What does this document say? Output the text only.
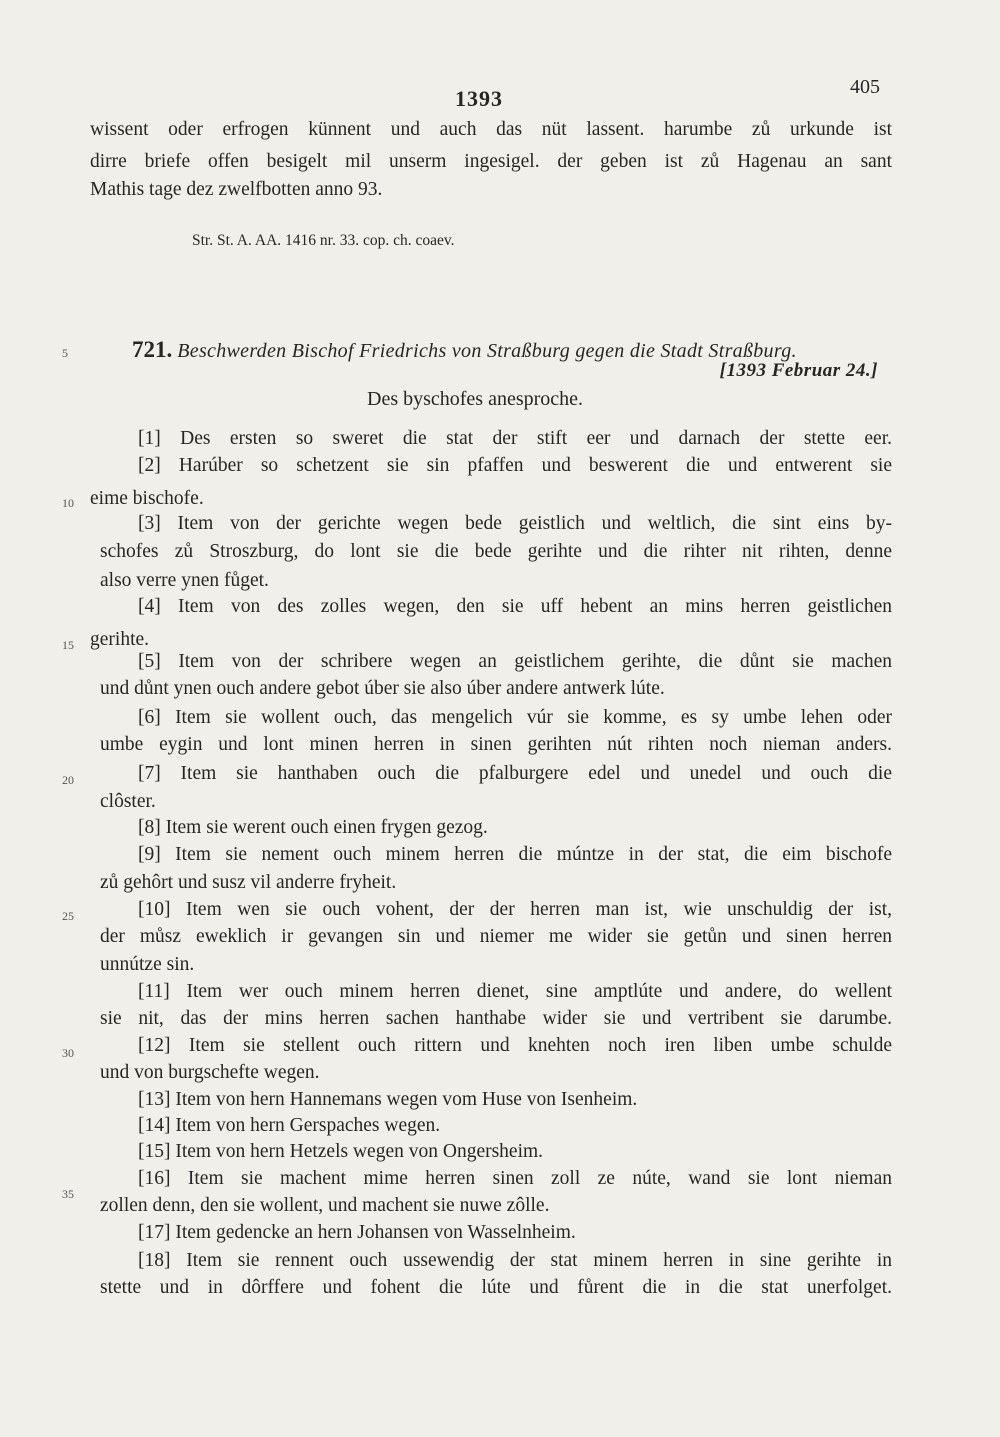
1393	405
wissent oder erfrogen künnent und auch das nüt lassent. harumbe zů urkunde ist
dirre briefe offen besigelt mil unserm ingesigel. der geben ist zů Hagenau an sant
Mathis tage dez zwelfbotten anno 93.
Str. St. A. AA. 1416 nr. 33. cop. ch. coaev.
5	721. Beschwerden Bischof Friedrichs von Straßburg gegen die Stadt Straßburg.
[1393 Februar 24.]
Des byschofes anesproche.
[1] Des ersten so sweret die stat der stift eer und darnach der stette eer.
[2] Harúber so schetzent sie sin pfaffen und beswerent die und entwerent sie
10 eime bischofe.
[3] Item von der gerichte wegen bede geistlich und weltlich, die sint eins by-
schofes zů Stroszburg, do lont sie die bede gerihte und die rihter nit rihten, denne
also verre ynen fůget.
[4] Item von des zolles wegen, den sie uff hebent an mins herren geistlichen
15 gerihte.
[5] Item von der schribere wegen an geistlichem gerihte, die důnt sie machen
und důnt ynen ouch andere gebot úber sie also úber andere antwerk lúte.
[6] Item sie wollent ouch, das mengelich vúr sie komme, es sy umbe lehen oder
umbe eygin und lont minen herren in sinen gerihten nút rihten noch nieman anders.
20	[7] Item sie hanthaben ouch die pfalburgere edel und unedel und ouch die
clôster.
[8] Item sie werent ouch einen frygen gezog.
[9] Item sie nement ouch minem herren die múntze in der stat, die eim bischofe
zů gehôrt und susz vil anderre fryheit.
25	[10] Item wen sie ouch vohent, der der herren man ist, wie unschuldig der ist,
der můsz eweklich ir gevangen sin und niemer me wider sie getůn und sinen herren
unnútze sin.
[11] Item wer ouch minem herren dienet, sine amptlúte und andere, do wellent
sie nit, das der mins herren sachen hanthabe wider sie und vertribent sie darumbe.
30	[12] Item sie stellent ouch rittern und knehten noch iren liben umbe schulde
und von burgschefte wegen.
[13] Item von hern Hannemans wegen vom Huse von Isenheim.
[14] Item von hern Gerspaches wegen.
[15] Item von hern Hetzels wegen von Ongersheim.
35
[16] Item sie machent mime herren sinen zoll ze núte, wand sie lont nieman
zollen denn, den sie wollent, und machent sie nuwe zôlle.
[17] Item gedencke an hern Johansen von Wasselnheim.
[18] Item sie rennent ouch ussewendig der stat minem herren in sine gerihte in
stette und in dôrffere und fohent die lúte und fůrent die in die stat unerfolget.
